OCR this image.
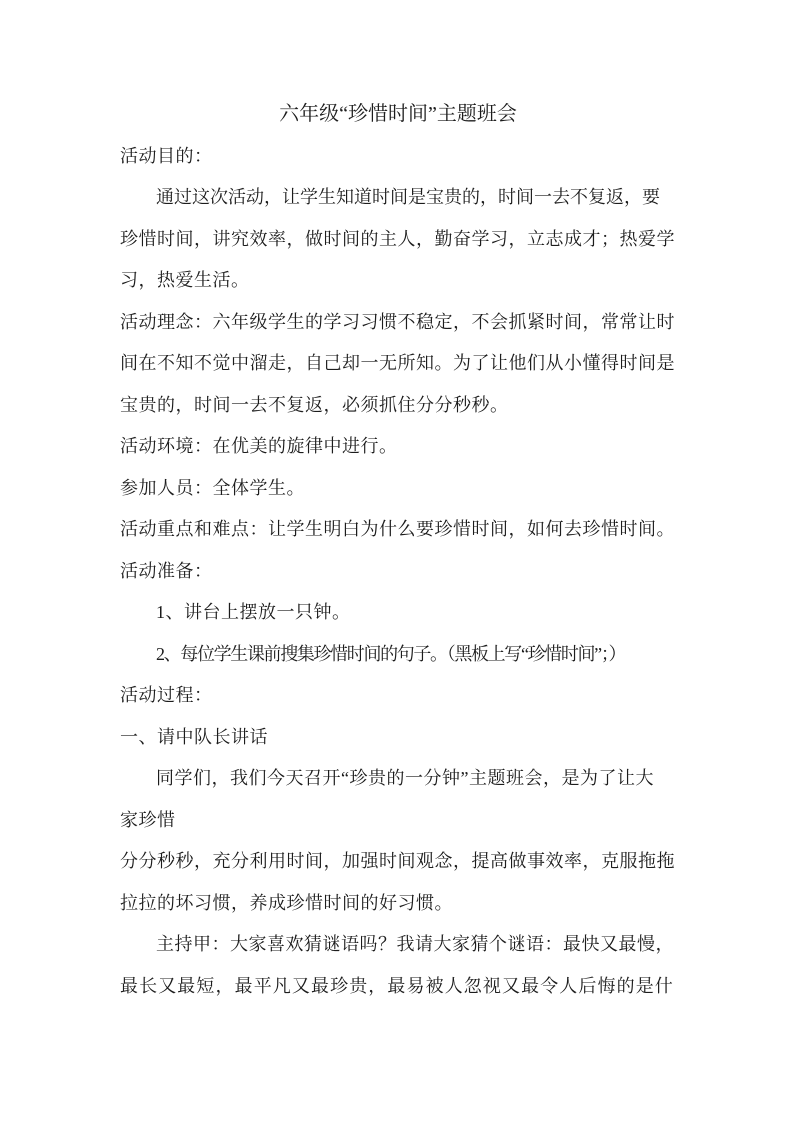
六年级“珍惜时间”主题班会
活动目的：
通过这次活动，让学生知道时间是宝贵的，时间一去不复返，要
珍惜时间，讲究效率，做时间的主人，勤奋学习，立志成才；热爱学
习，热爱生活。
活动理念：六年级学生的学习习惯不稳定，不会抓紧时间，常常让时
间在不知不觉中溜走，自己却一无所知。为了让他们从小懂得时间是
宝贵的，时间一去不复返，必须抓住分分秒秒。
活动环境：在优美的旋律中进行。
参加人员：全体学生。
活动重点和难点：让学生明白为什么要珍惜时间，如何去珍惜时间。
活动准备：
1、讲台上摆放一只钟。
2、每位学生课前搜集珍惜时间的句子。（黑板上写“珍惜时间”；）
活动过程：
一、请中队长讲话
同学们，我们今天召开“珍贵的一分钟”主题班会，是为了让大
家珍惜
分分秒秒，充分利用时间，加强时间观念，提高做事效率，克服拖拖
拉拉的坏习惯，养成珍惜时间的好习惯。
主持甲：大家喜欢猜谜语吗？我请大家猜个谜语：最快又最慢，
最长又最短，最平凡又最珍贵，最易被人忽视又最令人后悔的是什
